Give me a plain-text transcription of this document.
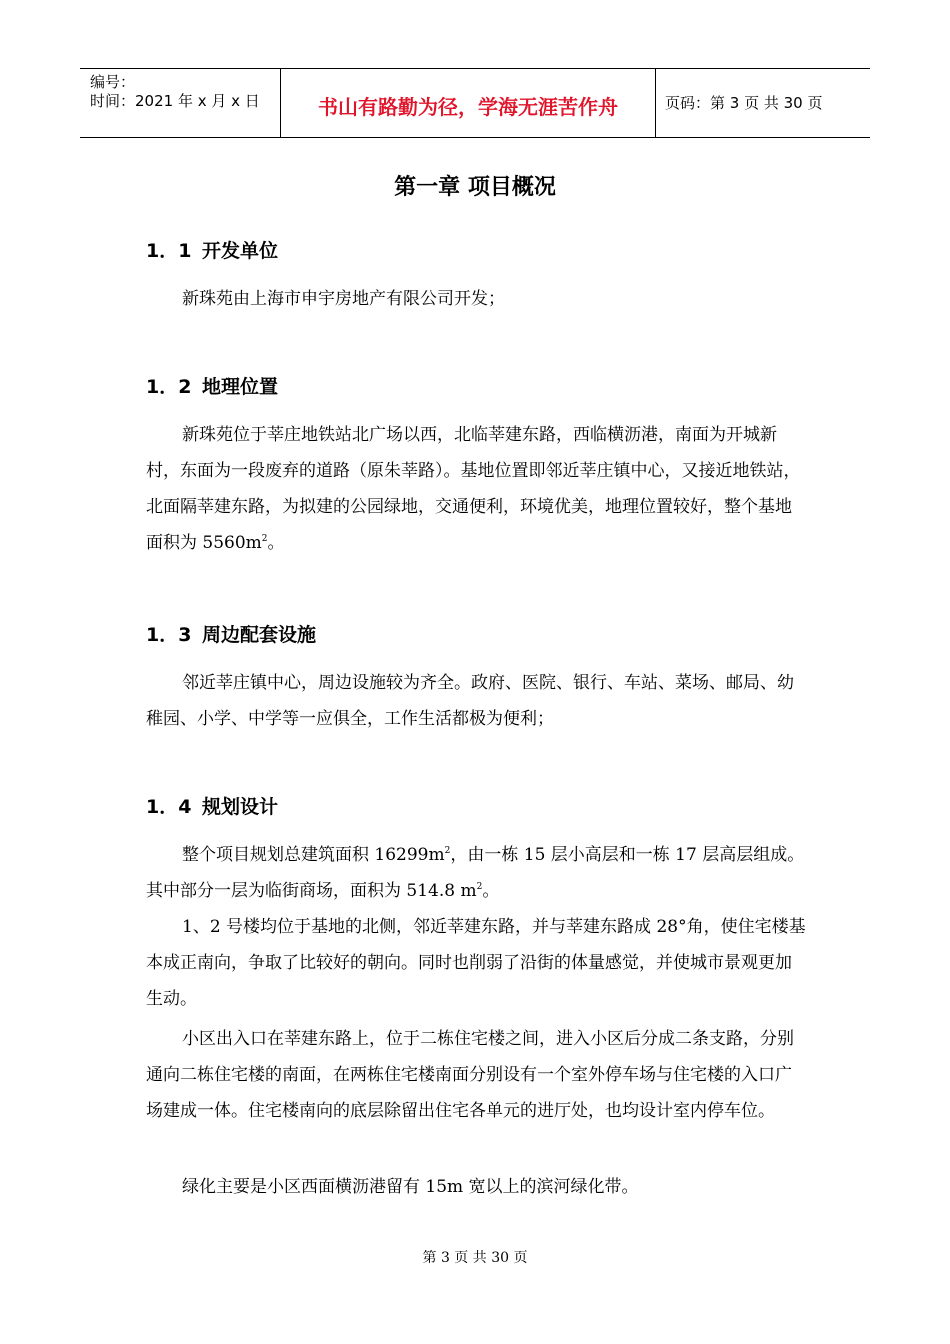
编号：
时间：2021 年 x 月 x 日	书山有路勤为径，学海无涯苦作舟	页码：第 3 页 共 30 页
第一章 项目概况
1．1 开发单位

新珠苑由上海市申宇房地产有限公司开发；

1．2 地理位置

新珠苑位于莘庄地铁站北广场以西，北临莘建东路，西临横沥港，南面为开城新村，东面为一段废弃的道路（原朱莘路）。基地位置即邻近莘庄镇中心，又接近地铁站，北面隔莘建东路，为拟建的公园绿地，交通便利，环境优美，地理位置较好，整个基地面积为 $5560m^2$。

1．3 周边配套设施

邻近莘庄镇中心，周边设施较为齐全。政府、医院、银行、车站、菜场、邮局、幼稚园、小学、中学等一应俱全，工作生活都极为便利；

1．4 规划设计

整个项目规划总建筑面积 $16299m^2$，由一栋 15 层小高层和一栋 17 层高层组成。其中部分一层为临街商场，面积为 514.8 $m^2$。

1、2 号楼均位于基地的北侧，邻近莘建东路，并与莘建东路成 28°角，使住宅楼基本成正南向，争取了比较好的朝向。同时也削弱了沿街的体量感觉，并使城市景观更加生动。

小区出入口在莘建东路上，位于二栋住宅楼之间，进入小区后分成二条支路，分别通向二栋住宅楼的南面，在两栋住宅楼南面分别设有一个室外停车场与住宅楼的入口广场建成一体。住宅楼南向的底层除留出住宅各单元的进厅处，也均设计室内停车位。

绿化主要是小区西面横沥港留有 15m 宽以上的滨河绿化带。

第 3 页 共 30 页
